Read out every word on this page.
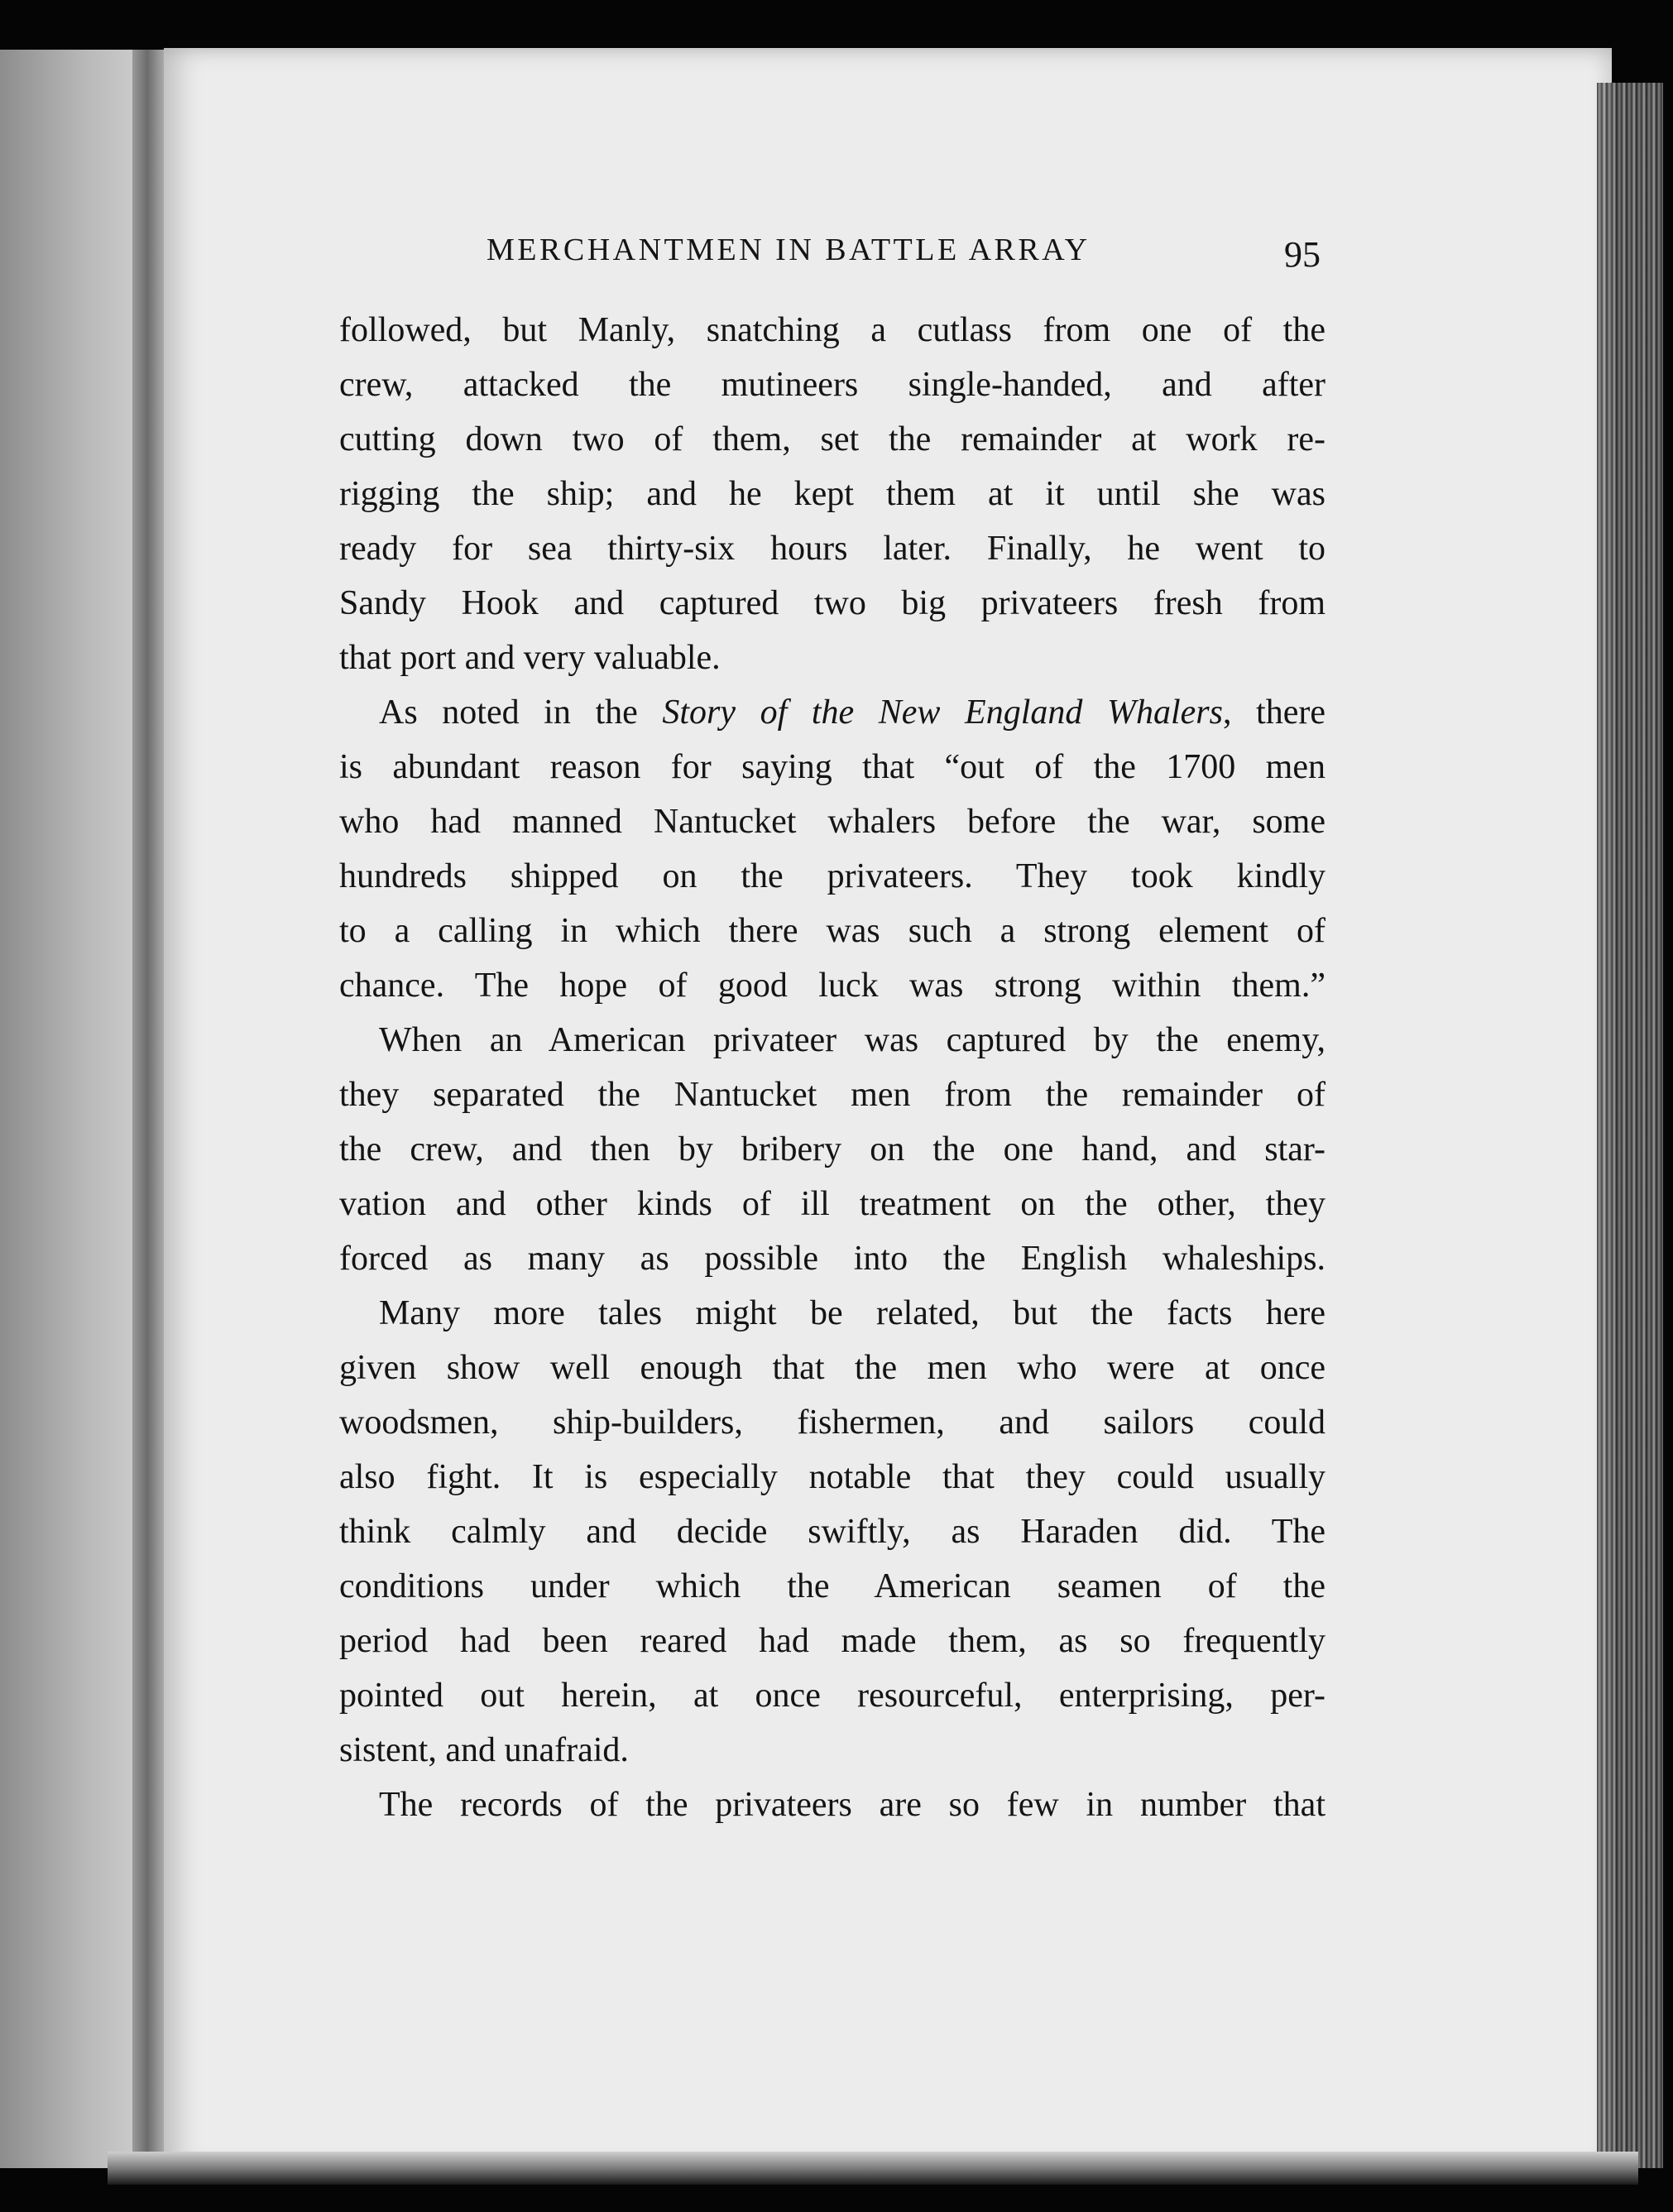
MERCHANTMEN IN BATTLE ARRAY	95
followed, but Manly, snatching a cutlass from one of the
crew, attacked the mutineers single-handed, and after
cutting down two of them, set the remainder at work re-
rigging the ship; and he kept them at it until she was
ready for sea thirty-six hours later. Finally, he went to
Sandy Hook and captured two big privateers fresh from
that port and very valuable.
As noted in the Story of the New England Whalers, there
is abundant reason for saying that “out of the 1700 men
who had manned Nantucket whalers before the war, some
hundreds shipped on the privateers. They took kindly
to a calling in which there was such a strong element of
chance. The hope of good luck was strong within them.”
When an American privateer was captured by the enemy,
they separated the Nantucket men from the remainder of
the crew, and then by bribery on the one hand, and star-
vation and other kinds of ill treatment on the other, they
forced as many as possible into the English whaleships.
Many more tales might be related, but the facts here
given show well enough that the men who were at once
woodsmen, ship-builders, fishermen, and sailors could
also fight. It is especially notable that they could usually
think calmly and decide swiftly, as Haraden did. The
conditions under which the American seamen of the
period had been reared had made them, as so frequently
pointed out herein, at once resourceful, enterprising, per-
sistent, and unafraid.
The records of the privateers are so few in number that
